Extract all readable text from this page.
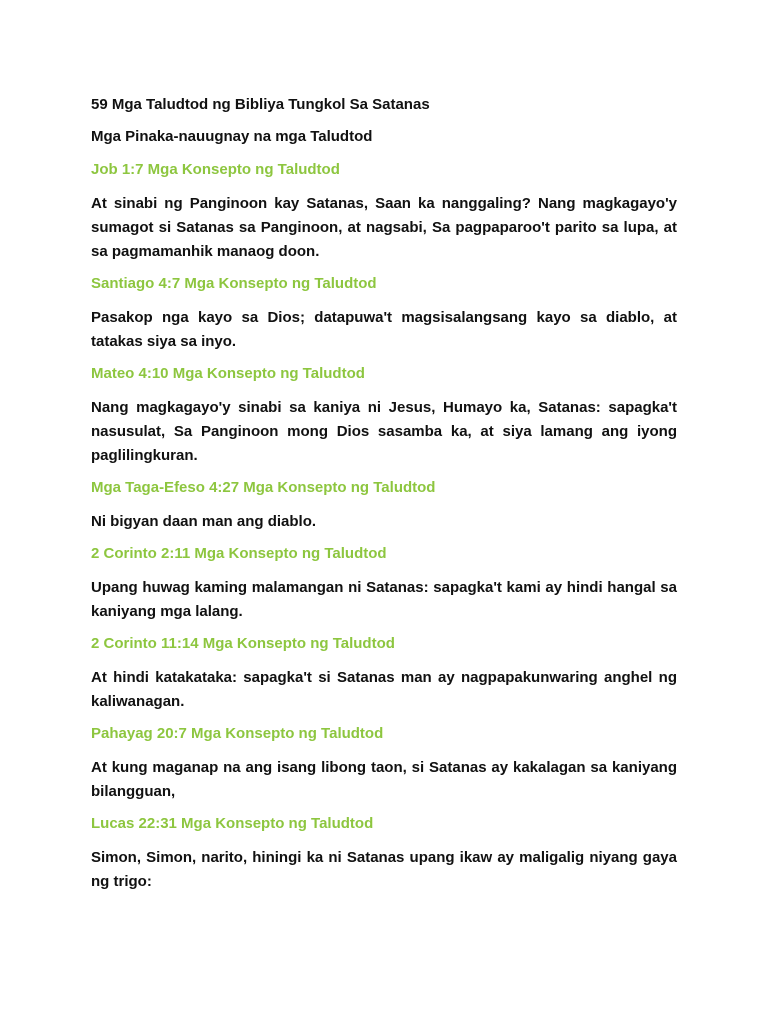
59 Mga Taludtod ng Bibliya Tungkol Sa Satanas

Mga Pinaka-nauugnay na mga Taludtod

Job 1:7 Mga Konsepto ng Taludtod

At sinabi ng Panginoon kay Satanas, Saan ka nanggaling? Nang magkagayo'y sumagot si Satanas sa Panginoon, at nagsabi, Sa pagpaparoo't parito sa lupa, at sa pagmamanhik manaog doon.

Santiago 4:7 Mga Konsepto ng Taludtod

Pasakop nga kayo sa Dios; datapuwa't magsisalangsang kayo sa diablo, at tatakas siya sa inyo.

Mateo 4:10 Mga Konsepto ng Taludtod

Nang magkagayo'y sinabi sa kaniya ni Jesus, Humayo ka, Satanas: sapagka't nasusulat, Sa Panginoon mong Dios sasamba ka, at siya lamang ang iyong paglilingkuran.

Mga Taga-Efeso 4:27 Mga Konsepto ng Taludtod

Ni bigyan daan man ang diablo.

2 Corinto 2:11 Mga Konsepto ng Taludtod

Upang huwag kaming malamangan ni Satanas: sapagka't kami ay hindi hangal sa kaniyang mga lalang.

2 Corinto 11:14 Mga Konsepto ng Taludtod

At hindi katakataka: sapagka't si Satanas man ay nagpapakunwaring anghel ng kaliwanagan.

Pahayag 20:7 Mga Konsepto ng Taludtod

At kung maganap na ang isang libong taon, si Satanas ay kakalagan sa kaniyang bilangguan,

Lucas 22:31 Mga Konsepto ng Taludtod

Simon, Simon, narito, hiningi ka ni Satanas upang ikaw ay maligalig niyang gaya ng trigo:
